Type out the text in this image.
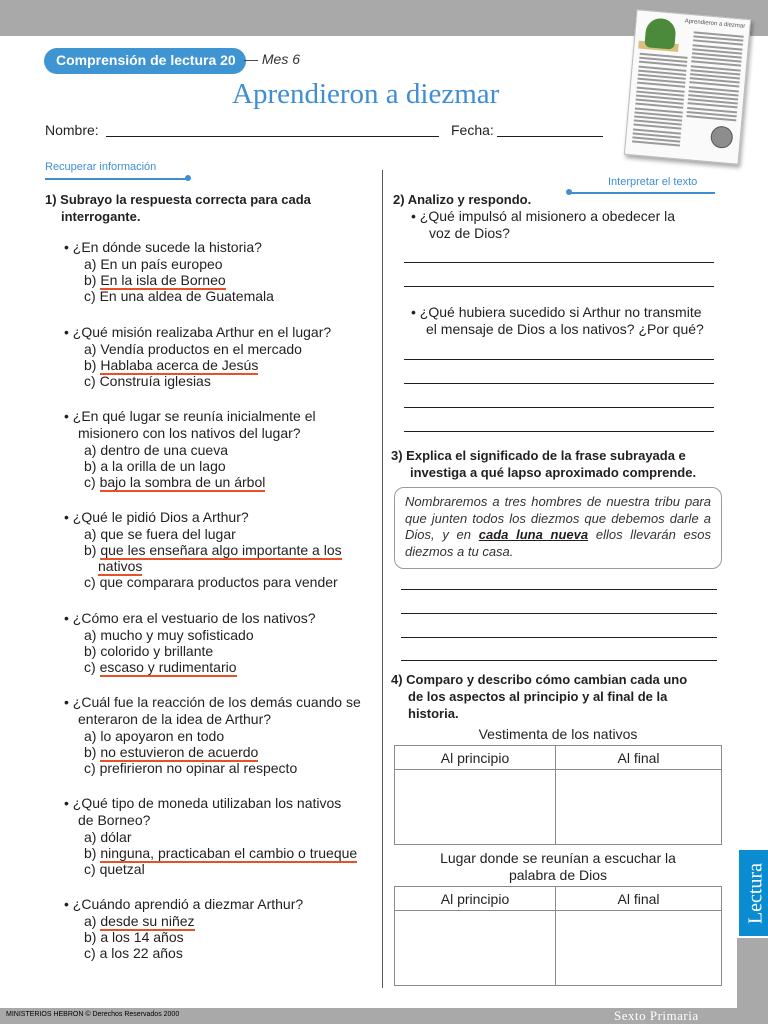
MINISTERIOS HEBRON © Derechos Reservados 2000	Sexto Primaria
Lectura
Aprendieron a diezmar
Comprensión de lectura 20 — Mes 6
Aprendieron a diezmar
Nombre:	Fecha:
Recuperar información
Interpretar el texto
1) Subrayo la respuesta correcta para cada
interrogante.
• ¿En dónde sucede la historia?
a) En un país europeo
b) En la isla de Borneo
c) En una aldea de Guatemala
• ¿Qué misión realizaba Arthur en el lugar?
a) Vendía productos en el mercado
b) Hablaba acerca de Jesús
c) Construía iglesias
• ¿En qué lugar se reunía inicialmente el
misionero con los nativos del lugar?
a) dentro de una cueva
b) a la orilla de un lago
c) bajo la sombra de un árbol
• ¿Qué le pidió Dios a Arthur?
a) que se fuera del lugar
b) que les enseñara algo importante a los
nativos
c) que comparara productos para vender
• ¿Cómo era el vestuario de los nativos?
a) mucho y muy sofisticado
b) colorido y brillante
c) escaso y rudimentario
• ¿Cuál fue la reacción de los demás cuando se
enteraron de la idea de Arthur?
a) lo apoyaron en todo
b) no estuvieron de acuerdo
c) prefirieron no opinar al respecto
• ¿Qué tipo de moneda utilizaban los nativos
de Borneo?
a) dólar
b) ninguna, practicaban el cambio o trueque
c) quetzal
• ¿Cuándo aprendió a diezmar Arthur?
a) desde su niñez
b) a los 14 años
c) a los 22 años
2) Analizo y respondo.
• ¿Qué impulsó al misionero a obedecer la
voz de Dios?
• ¿Qué hubiera sucedido si Arthur no transmite
el mensaje de Dios a los nativos? ¿Por qué?
3) Explica el significado de la frase subrayada e
investiga a qué lapso aproximado comprende.
Nombraremos a tres hombres de nuestra tribu para que junten todos los diezmos que debemos darle a Dios, y en cada luna nueva ellos llevarán esos diezmos a tu casa.
4) Comparo y describo cómo cambian cada uno
de los aspectos al principio y al final de la
historia.
Vestimenta de los nativos
Al principio	Al final

Lugar donde se reunían a escuchar la
palabra de Dios
Al principio	Al final
